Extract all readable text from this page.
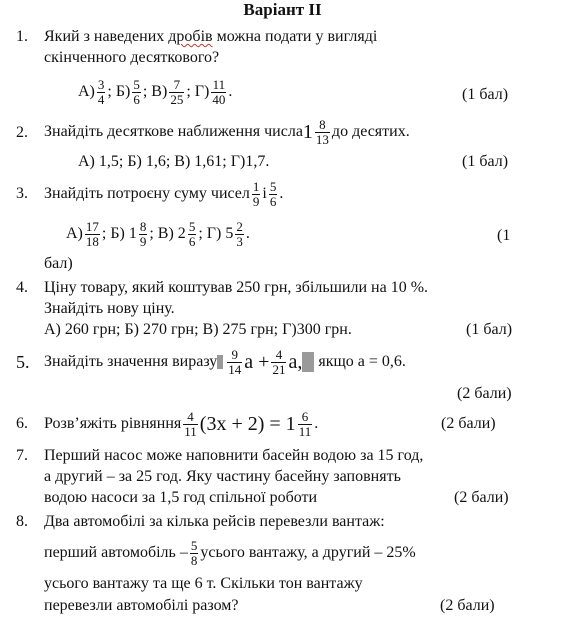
Варіант ІІ
1. Який з наведених дробів можна подати у вигляді
скінченного десяткового?
$А) \frac{3}{4}$ ; $Б) \frac{5}{6}$ ; $В) \frac{7}{25}$ ; $Г) \frac{11}{40}$ .	(1 бал)
2. Знайдіть десяткове наближення числа $1 \frac{8}{13}$ до десятих.
А) 1,5; Б) 1,6; В) 1,61; Г)1,7.	(1 бал)
3. Знайдіть потроєну суму чисел $\frac{1}{9}$ і $\frac{5}{6}$ .
$А) \frac{17}{18}$ ; Б) $1 \frac{8}{9}$ ; В) $2 \frac{5}{6}$ ; Г) $5 \frac{2}{3}$ .	(1
бал)
4. Ціну товару, який коштував 250 грн, збільшили на 10 %.
Знайдіть нову ціну.
А) 260 грн; Б) 270 грн; В) 275 грн; Г)300 грн.	(1 бал)
5. Знайдіть значення виразу $\frac{9}{14}$ $a + \frac{4}{21} a$, якщо а = 0,6.
(2 бали)
6. Розв’яжіть рівняння $\frac{4}{11} (3x + 2) = 1 \frac{6}{11}$ .	(2 бали)
7. Перший насос може наповнити басейн водою за 15 год,
а другий – за 25 год. Яку частину басейну заповнять
водою насоси за 1,5 год спільної роботи	(2 бали)
8. Два автомобілі за кілька рейсів перевезли вантаж:
перший автомобіль – $\frac{5}{8}$ усього вантажу, а другий – 25%
усього вантажу та ще 6 т. Скільки тон вантажу
перевезли автомобілі разом?	(2 бали)
